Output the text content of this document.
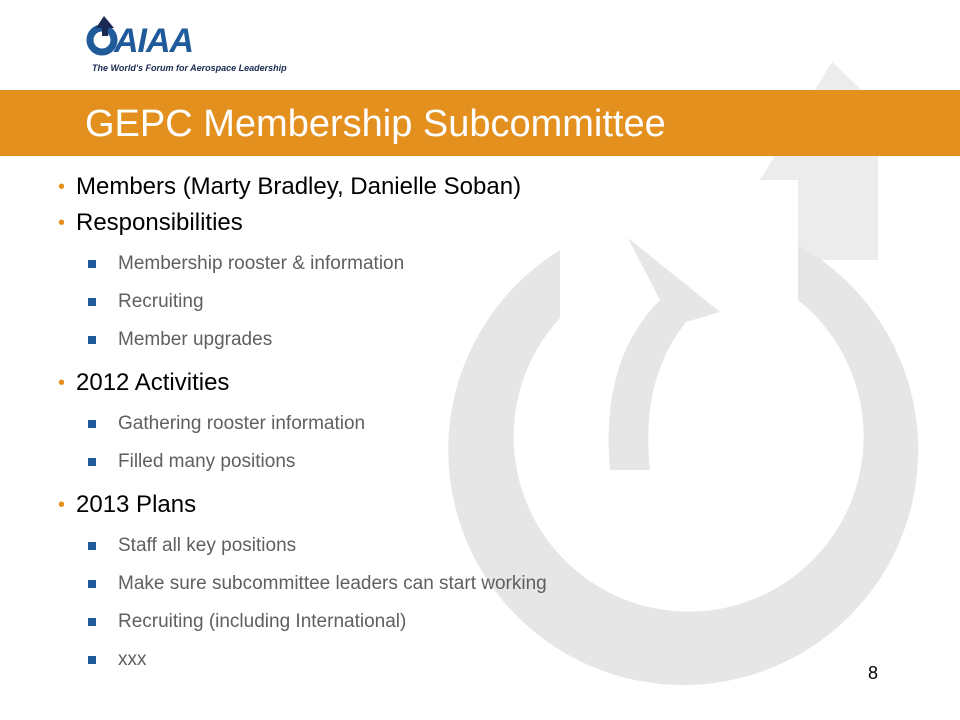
AIAA
The World's Forum for Aerospace Leadership
GEPC Membership Subcommittee
• Members (Marty Bradley, Danielle Soban)
• Responsibilities
Membership rooster & information
Recruiting
Member upgrades
• 2012 Activities
Gathering rooster information
Filled many positions
• 2013 Plans
Staff all key positions
Make sure subcommittee leaders can start working
Recruiting (including International)
xxx
8
